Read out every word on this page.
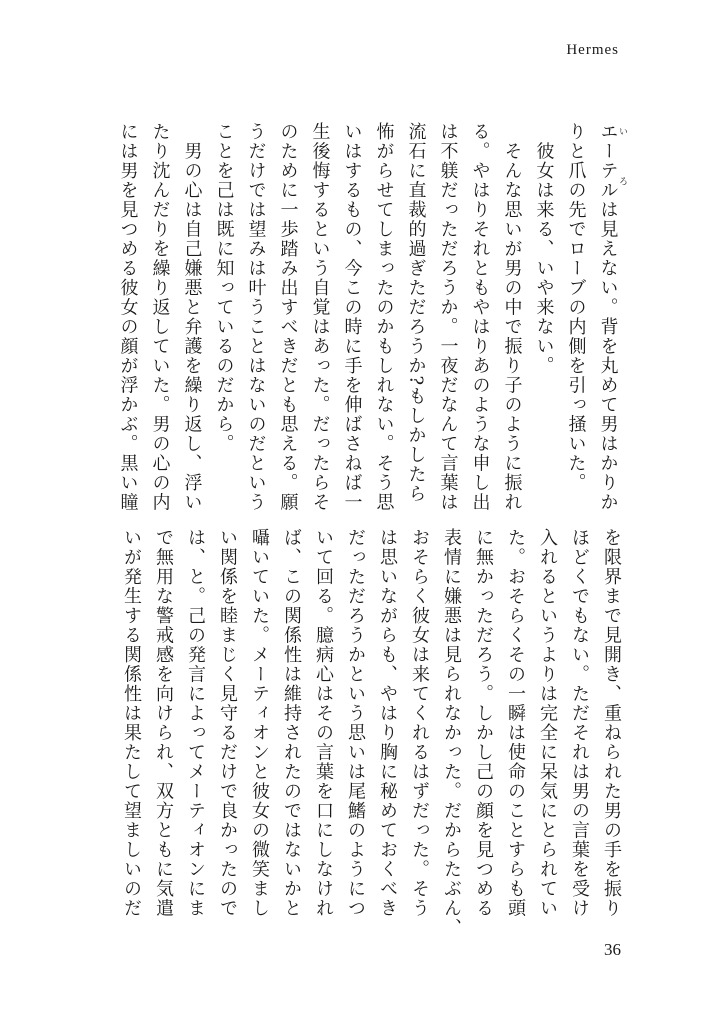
Hermes
エーテルい ろは見えない。背を丸めて男はかりか
りと爪の先でローブの内側を引っ掻いた。
　彼女は来る、いや来ない。
　そんな思いが男の中で振り子のように振れ
る。やはりそれともやはりあのような申し出
は不躾だっただろうか。一夜だなんて言葉は
流石に直裁的過ぎただろうか?もしかしたら
怖がらせてしまったのかもしれない。そう思
いはするもの、今この時に手を伸ばさねば一
生後悔するという自覚はあった。だったらそ
のために一歩踏み出すべきだとも思える。願
うだけでは望みは叶うことはないのだという
ことを己は既に知っているのだから。
　男の心は自己嫌悪と弁護を繰り返し、浮い
たり沈んだりを繰り返していた。男の心の内
には男を見つめる彼女の顔が浮かぶ。黒い瞳
を限界まで見開き、重ねられた男の手を振り
ほどくでもない。ただそれは男の言葉を受け
入れるというよりは完全に呆気にとられてい
た。おそらくその一瞬は使命のことすらも頭
に無かっただろう。しかし己の顔を見つめる
表情に嫌悪は見られなかった。だからたぶん、
おそらく彼女は来てくれるはずだった。そう
は思いながらも、やはり胸に秘めておくべき
だっただろうかという思いは尾鰭のようにつ
いて回る。臆病心はその言葉を口にしなけれ
ば、この関係性は維持されたのではないかと
囁いていた。メーティオンと彼女の微笑まし
い関係を睦まじく見守るだけで良かったので
は、と。己の発言によってメーティオンにま
で無用な警戒感を向けられ、双方ともに気遣
いが発生する関係性は果たして望ましいのだ
36
